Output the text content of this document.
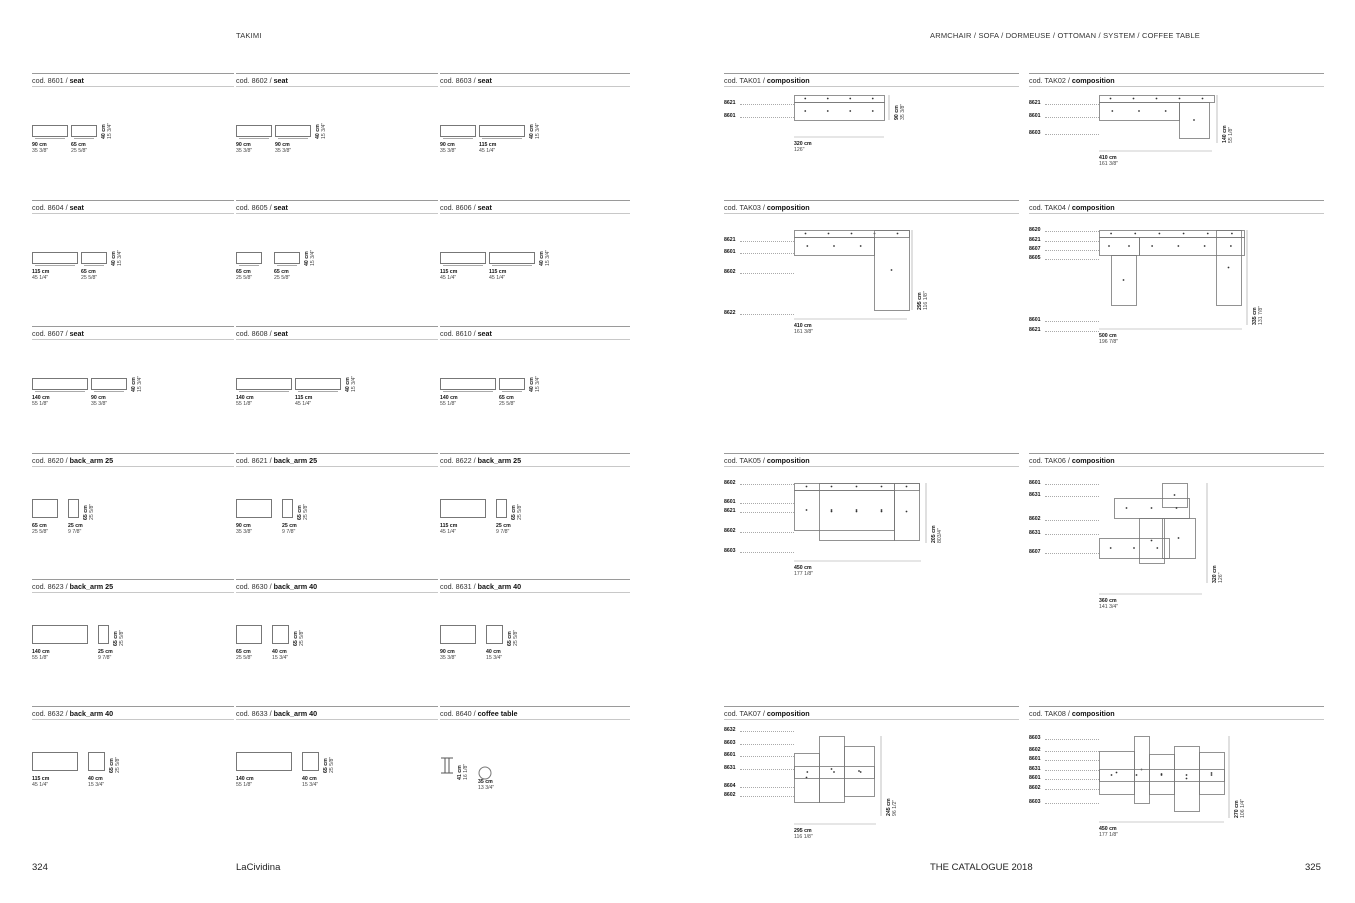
TAKIMI	ARMCHAIR / SOFA / DORMEUSE / OTTOMAN / SYSTEM / COFFEE TABLE
cod. 8601 / seat
90 cm
35 3/8"
65 cm
25 5/8"
40 cm
15 3/4"
cod. 8602 / seat
90 cm
35 3/8"
90 cm
35 3/8"
40 cm
15 3/4"
cod. 8603 / seat
90 cm
35 3/8"
115 cm
45 1/4"
40 cm
15 3/4"
cod. 8604 / seat
115 cm
45 1/4"
65 cm
25 5/8"
40 cm
15 3/4"
cod. 8605 / seat
65 cm
25 5/8"
65 cm
25 5/8"
40 cm
15 3/4"
cod. 8606 / seat
115 cm
45 1/4"
115 cm
45 1/4"
40 cm
15 3/4"
cod. 8607 / seat
140 cm
55 1/8"
90 cm
35 3/8"
40 cm
15 3/4"
cod. 8608 / seat
140 cm
55 1/8"
115 cm
45 1/4"
40 cm
15 3/4"
cod. 8610 / seat
140 cm
55 1/8"
65 cm
25 5/8"
40 cm
15 3/4"
cod. 8620 / back_arm 25
65 cm
25 5/8"
25 cm
9 7/8"
65 cm
25 5/8"
cod. 8621 / back_arm 25
90 cm
35 3/8"
25 cm
9 7/8"
65 cm
25 5/8"
cod. 8622 / back_arm 25
115 cm
45 1/4"
25 cm
9 7/8"
65 cm
25 5/8"
cod. 8623 / back_arm 25
140 cm
55 1/8"
25 cm
9 7/8"
65 cm
25 5/8"
cod. 8630 / back_arm 40
65 cm
25 5/8"
40 cm
15 3/4"
65 cm
25 5/8"
cod. 8631 / back_arm 40
90 cm
35 3/8"
40 cm
15 3/4"
65 cm
25 5/8"
cod. 8632 / back_arm 40
115 cm
45 1/4"
40 cm
15 3/4"
65 cm
25 5/8"
cod. 8633 / back_arm 40
140 cm
55 1/8"
40 cm
15 3/4"
65 cm
25 5/8"
cod. 8640 / coffee table
41 cm
16 1/8"
35 cm
13 3/4"
cod. TAK01 / composition
8621
8601
320 cm
126"
90 cm
35 3/8"
cod. TAK02 / composition
8621
8601
8603
410 cm
161 3/8"
140 cm
55 1/8"
cod. TAK03 / composition
8621
8601
8602
8622
410 cm
161 3/8"
295 cm
116 1/8"
cod. TAK04 / composition
8620
8621
8607
8605
8601
8621
500 cm
196 7/8"
335 cm
131 7/8"
cod. TAK05 / composition
8602
8601
8621
8602
8603
450 cm
177 1/8"
205 cm
803/4"
cod. TAK06 / composition
8601
8631
8602
8631
8607
360 cm
141 3/4"
320 cm
126"
cod. TAK07 / composition
8632
8603
8601
8631
8604
8602
295 cm
116 1/8"
245 cm
96 1/2"
cod. TAK08 / composition
8603
8602
8601
8631
8601
8602
8603
450 cm
177 1/8"
270 cm
106 1/4"
324	LaCividina	THE CATALOGUE 2018	325
